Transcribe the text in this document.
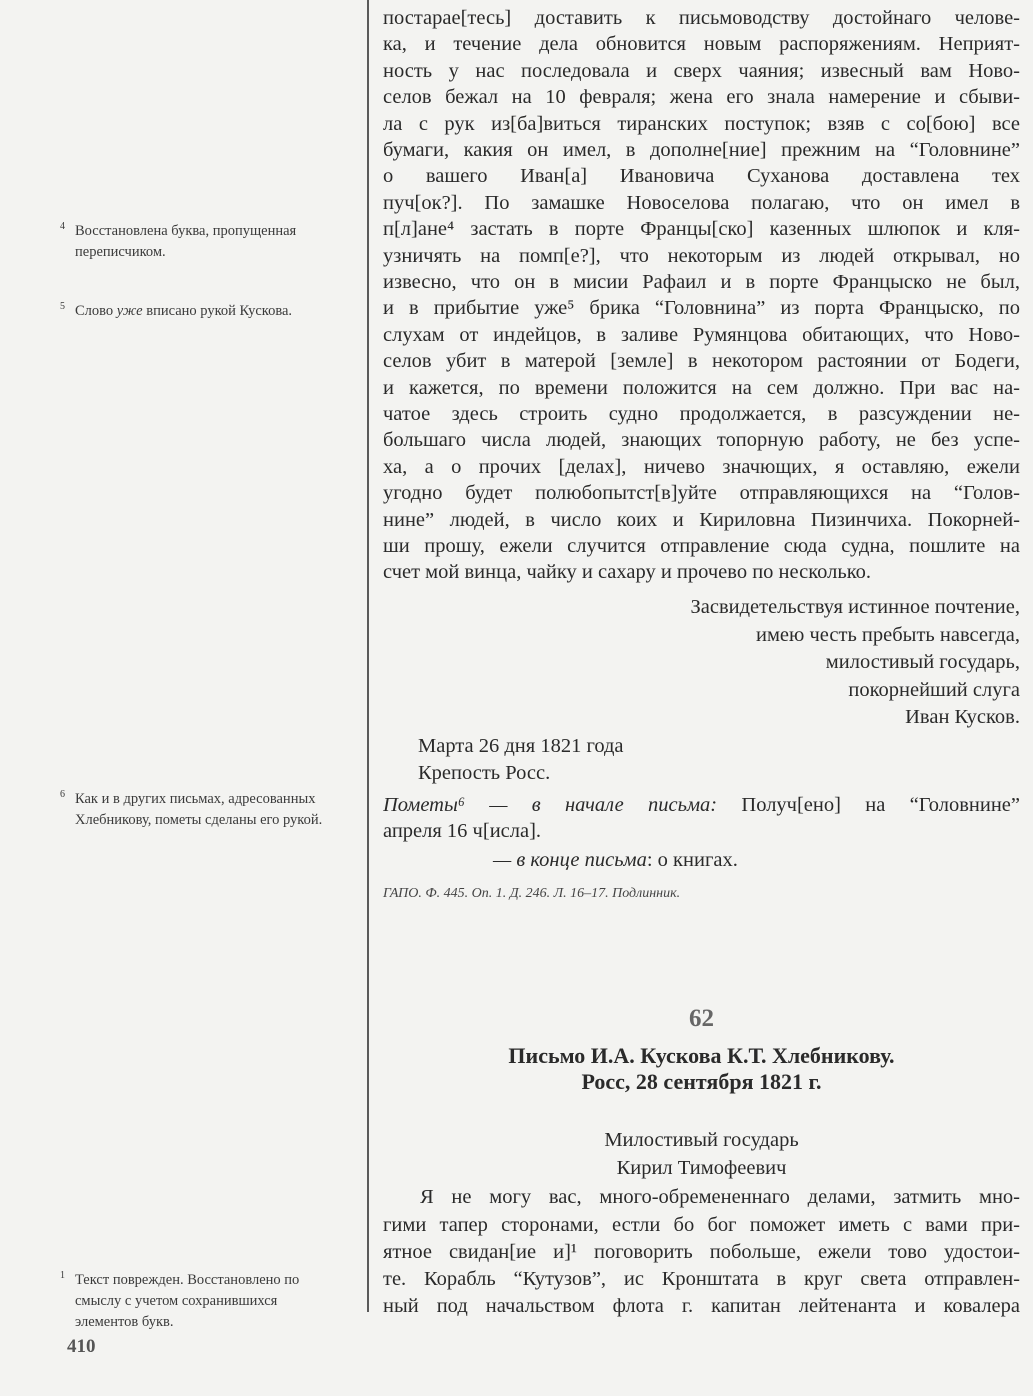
постарае[тесь] доставить к письмоводству достойнаго челове-
ка, и течение дела обновится новым распоряжениям. Неприят-
ность у нас последовала и сверх чаяния; извесный вам Ново-
селов бежал на 10 февраля; жена его знала намерение и сбыви-
ла с рук из[ба]виться тиранских поступок; взяв с со[бою] все
бумаги, какия он имел, в дополне[ние] прежним на “Головнине”
о вашего Иван[а] Ивановича Суханова доставлена тех
пуч[ок?]. По замашке Новоселова полагаю, что он имел в
п[л]ане⁴ застать в порте Францы[ско] казенных шлюпок и кля-
узничять на помп[е?], что некоторым из людей открывал, но
извесно, что он в мисии Рафаил и в порте Францыско не был,
и в прибытие уже⁵ брика “Головнина” из порта Францыско, по
слухам от индейцов, в заливе Румянцова обитающих, что Ново-
селов убит в матерой [земле] в некотором растоянии от Бодеги,
и кажется, по времени положится на сем должно. При вас на-
чатое здесь строить судно продолжается, в разсуждении не-
большаго числа людей, знающих топорную работу, не без успе-
ха, а о прочих [делах], ничево значющих, я оставляю, ежели
угодно будет полюбопытст[в]уйте отправляющихся на “Голов-
нине” людей, в число коих и Кириловна Пизинчиха. Покорней-
ши прошу, ежели случится отправление сюда судна, пошлите на
счет мой винца, чайку и сахару и прочево по несколько.
Засвидетельствуя истинное почтение,
имею честь пребыть навсегда,
милостивый государь,
покорнейший слуга
Иван Кусков.
Марта 26 дня 1821 года
Крепость Росс.
Пометы⁶ — в начале письма: Получ[ено] на “Головнине”
апреля 16 ч[исла].
— в конце письма: о книгах.
ГАПО. Ф. 445. Оп. 1. Д. 246. Л. 16–17. Подлинник.
62
Письмо И.А. Кускова К.Т. Хлебникову.
Росс, 28 сентября 1821 г.
Милостивый государь
Кирил Тимофеевич
Я не могу вас, много-обремененнаго делами, затмить мно-
гими тапер сторонами, естли бо бог поможет иметь с вами при-
ятное свидан[ие и]¹ поговорить побольше, ежели тово удостои-
те. Корабль “Кутузов”, ис Кронштата в круг света отправлен-
ный под начальством флота г. капитан лейтенанта и ковалера
4 Восстановлена буква, пропущенная переписчиком.
5 Слово уже вписано рукой Кускова.
6 Как и в других письмах, адресованных Хлебникову, пометы сделаны его рукой.
1 Текст поврежден. Восстановлено по смыслу с учетом сохранившихся элементов букв.
410
